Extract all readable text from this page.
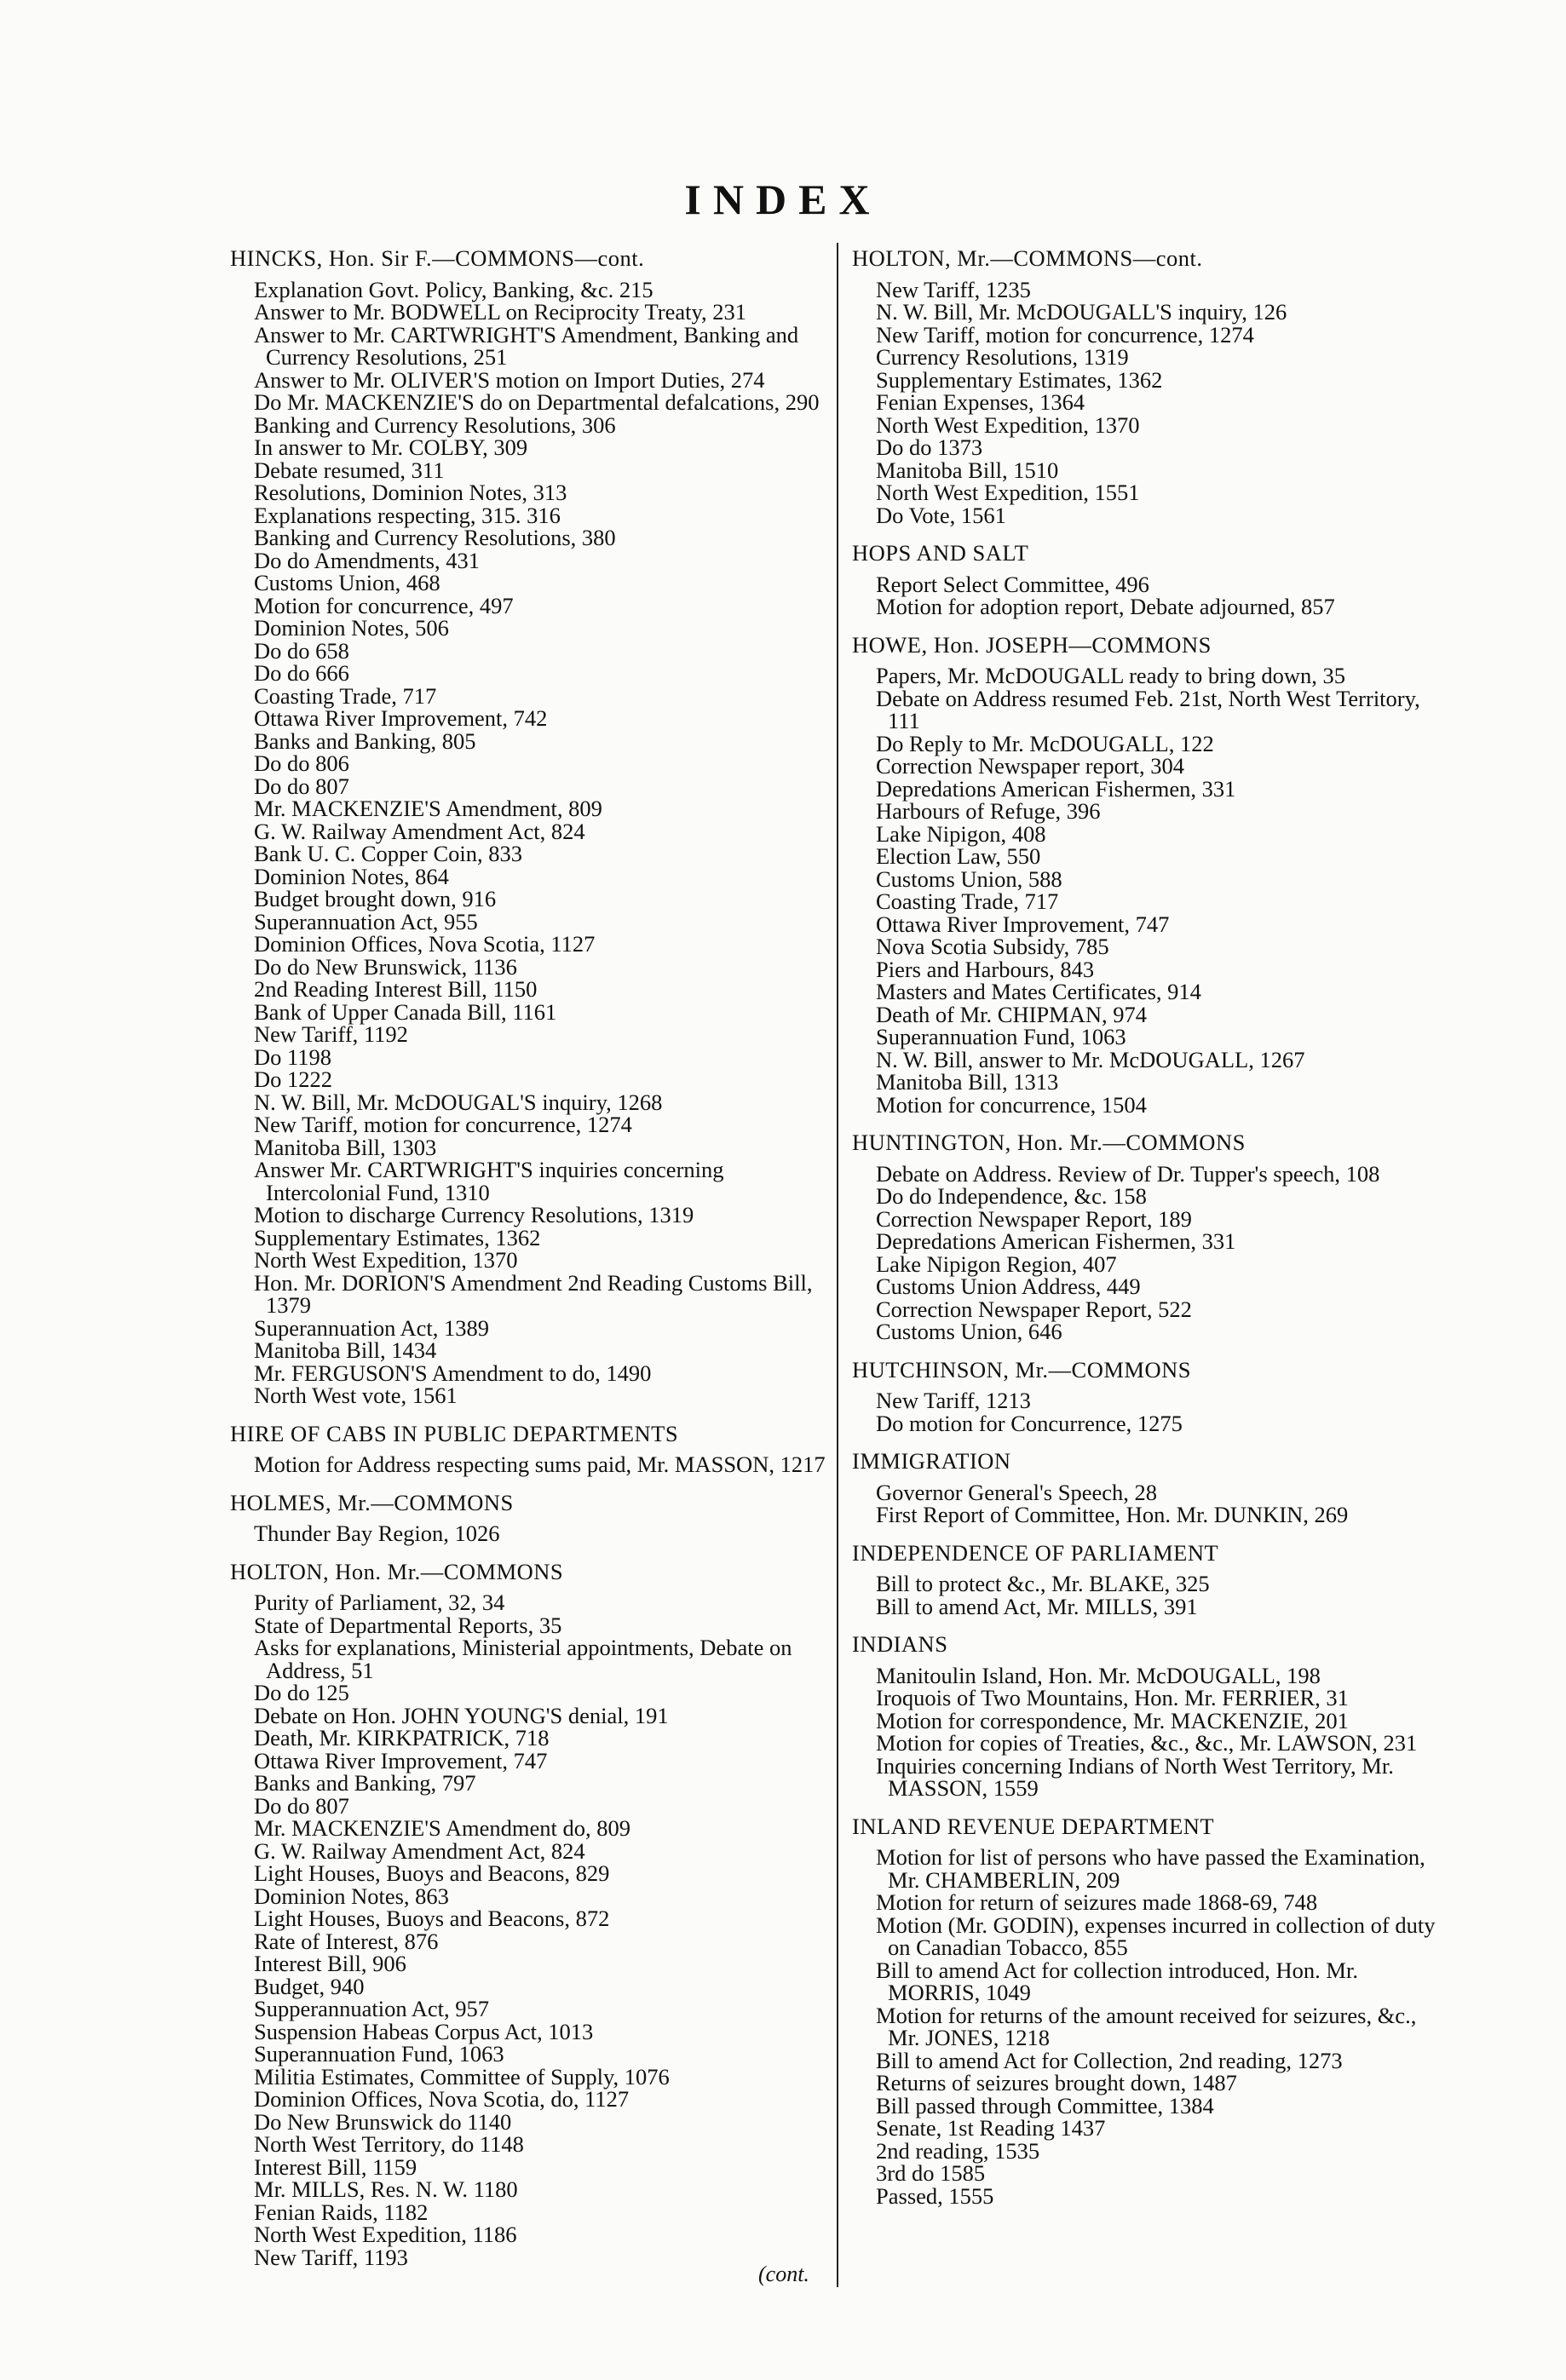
INDEX
HINCKS, Hon. Sir F.—COMMONS—cont.
Explanation Govt. Policy, Banking, &c. 215
Answer to Mr. BODWELL on Reciprocity Treaty, 231
Answer to Mr. CARTWRIGHT'S Amendment, Banking and Currency Resolutions, 251
Answer to Mr. OLIVER'S motion on Import Duties, 274
Do Mr. MACKENZIE'S do on Departmental defalcations, 290
Banking and Currency Resolutions, 306
In answer to Mr. COLBY, 309
Debate resumed, 311
Resolutions, Dominion Notes, 313
Explanations respecting, 315. 316
Banking and Currency Resolutions, 380
Do do Amendments, 431
Customs Union, 468
Motion for concurrence, 497
Dominion Notes, 506
Do do 658
Do do 666
Coasting Trade, 717
Ottawa River Improvement, 742
Banks and Banking, 805
Do do 806
Do do 807
Mr. MACKENZIE'S Amendment, 809
G. W. Railway Amendment Act, 824
Bank U. C. Copper Coin, 833
Dominion Notes, 864
Budget brought down, 916
Superannuation Act, 955
Dominion Offices, Nova Scotia, 1127
Do do New Brunswick, 1136
2nd Reading Interest Bill, 1150
Bank of Upper Canada Bill, 1161
New Tariff, 1192
Do 1198
Do 1222
N. W. Bill, Mr. McDOUGAL'S inquiry, 1268
New Tariff, motion for concurrence, 1274
Manitoba Bill, 1303
Answer Mr. CARTWRIGHT'S inquiries concerning Intercolonial Fund, 1310
Motion to discharge Currency Resolutions, 1319
Supplementary Estimates, 1362
North West Expedition, 1370
Hon. Mr. DORION'S Amendment 2nd Reading Customs Bill, 1379
Superannuation Act, 1389
Manitoba Bill, 1434
Mr. FERGUSON'S Amendment to do, 1490
North West vote, 1561
HIRE OF CABS IN PUBLIC DEPARTMENTS
Motion for Address respecting sums paid, Mr. MASSON, 1217
HOLMES, Mr.—COMMONS
Thunder Bay Region, 1026
HOLTON, Hon. Mr.—COMMONS
Purity of Parliament, 32, 34
State of Departmental Reports, 35
Asks for explanations, Ministerial appointments, Debate on Address, 51
Do do 125
Debate on Hon. JOHN YOUNG'S denial, 191
Death, Mr. KIRKPATRICK, 718
Ottawa River Improvement, 747
Banks and Banking, 797
Do do 807
Mr. MACKENZIE'S Amendment do, 809
G. W. Railway Amendment Act, 824
Light Houses, Buoys and Beacons, 829
Dominion Notes, 863
Light Houses, Buoys and Beacons, 872
Rate of Interest, 876
Interest Bill, 906
Budget, 940
Supperannuation Act, 957
Suspension Habeas Corpus Act, 1013
Superannuation Fund, 1063
Militia Estimates, Committee of Supply, 1076
Dominion Offices, Nova Scotia, do, 1127
Do New Brunswick do 1140
North West Territory, do 1148
Interest Bill, 1159
Mr. MILLS, Res. N. W. 1180
Fenian Raids, 1182
North West Expedition, 1186
New Tariff, 1193
HOLTON, Mr.—COMMONS—cont.
New Tariff, 1235
N. W. Bill, Mr. McDOUGALL'S inquiry, 126
New Tariff, motion for concurrence, 1274
Currency Resolutions, 1319
Supplementary Estimates, 1362
Fenian Expenses, 1364
North West Expedition, 1370
Do do 1373
Manitoba Bill, 1510
North West Expedition, 1551
Do Vote, 1561
HOPS AND SALT
Report Select Committee, 496
Motion for adoption report, Debate adjourned, 857
HOWE, Hon. JOSEPH—COMMONS
Papers, Mr. McDOUGALL ready to bring down, 35
Debate on Address resumed Feb. 21st, North West Territory, 111
Do Reply to Mr. McDOUGALL, 122
Correction Newspaper report, 304
Depredations American Fishermen, 331
Harbours of Refuge, 396
Lake Nipigon, 408
Election Law, 550
Customs Union, 588
Coasting Trade, 717
Ottawa River Improvement, 747
Nova Scotia Subsidy, 785
Piers and Harbours, 843
Masters and Mates Certificates, 914
Death of Mr. CHIPMAN, 974
Superannuation Fund, 1063
N. W. Bill, answer to Mr. McDOUGALL, 1267
Manitoba Bill, 1313
Motion for concurrence, 1504
HUNTINGTON, Hon. Mr.—COMMONS
Debate on Address. Review of Dr. Tupper's speech, 108
Do do Independence, &c. 158
Correction Newspaper Report, 189
Depredations American Fishermen, 331
Lake Nipigon Region, 407
Customs Union Address, 449
Correction Newspaper Report, 522
Customs Union, 646
HUTCHINSON, Mr.—COMMONS
New Tariff, 1213
Do motion for Concurrence, 1275
IMMIGRATION
Governor General's Speech, 28
First Report of Committee, Hon. Mr. DUNKIN, 269
INDEPENDENCE OF PARLIAMENT
Bill to protect &c., Mr. BLAKE, 325
Bill to amend Act, Mr. MILLS, 391
INDIANS
Manitoulin Island, Hon. Mr. McDOUGALL, 198
Iroquois of Two Mountains, Hon. Mr. FERRIER, 31
Motion for correspondence, Mr. MACKENZIE, 201
Motion for copies of Treaties, &c., &c., Mr. LAWSON, 231
Inquiries concerning Indians of North West Territory, Mr. MASSON, 1559
INLAND REVENUE DEPARTMENT
Motion for list of persons who have passed the Examination, Mr. CHAMBERLIN, 209
Motion for return of seizures made 1868-69, 748
Motion (Mr. GODIN), expenses incurred in collection of duty on Canadian Tobacco, 855
Bill to amend Act for collection introduced, Hon. Mr. MORRIS, 1049
Motion for returns of the amount received for seizures, &c., Mr. JONES, 1218
Bill to amend Act for Collection, 2nd reading, 1273
Returns of seizures brought down, 1487
Bill passed through Committee, 1384
Senate, 1st Reading 1437
2nd reading, 1535
3rd do 1585
Passed, 1555
(cont.
